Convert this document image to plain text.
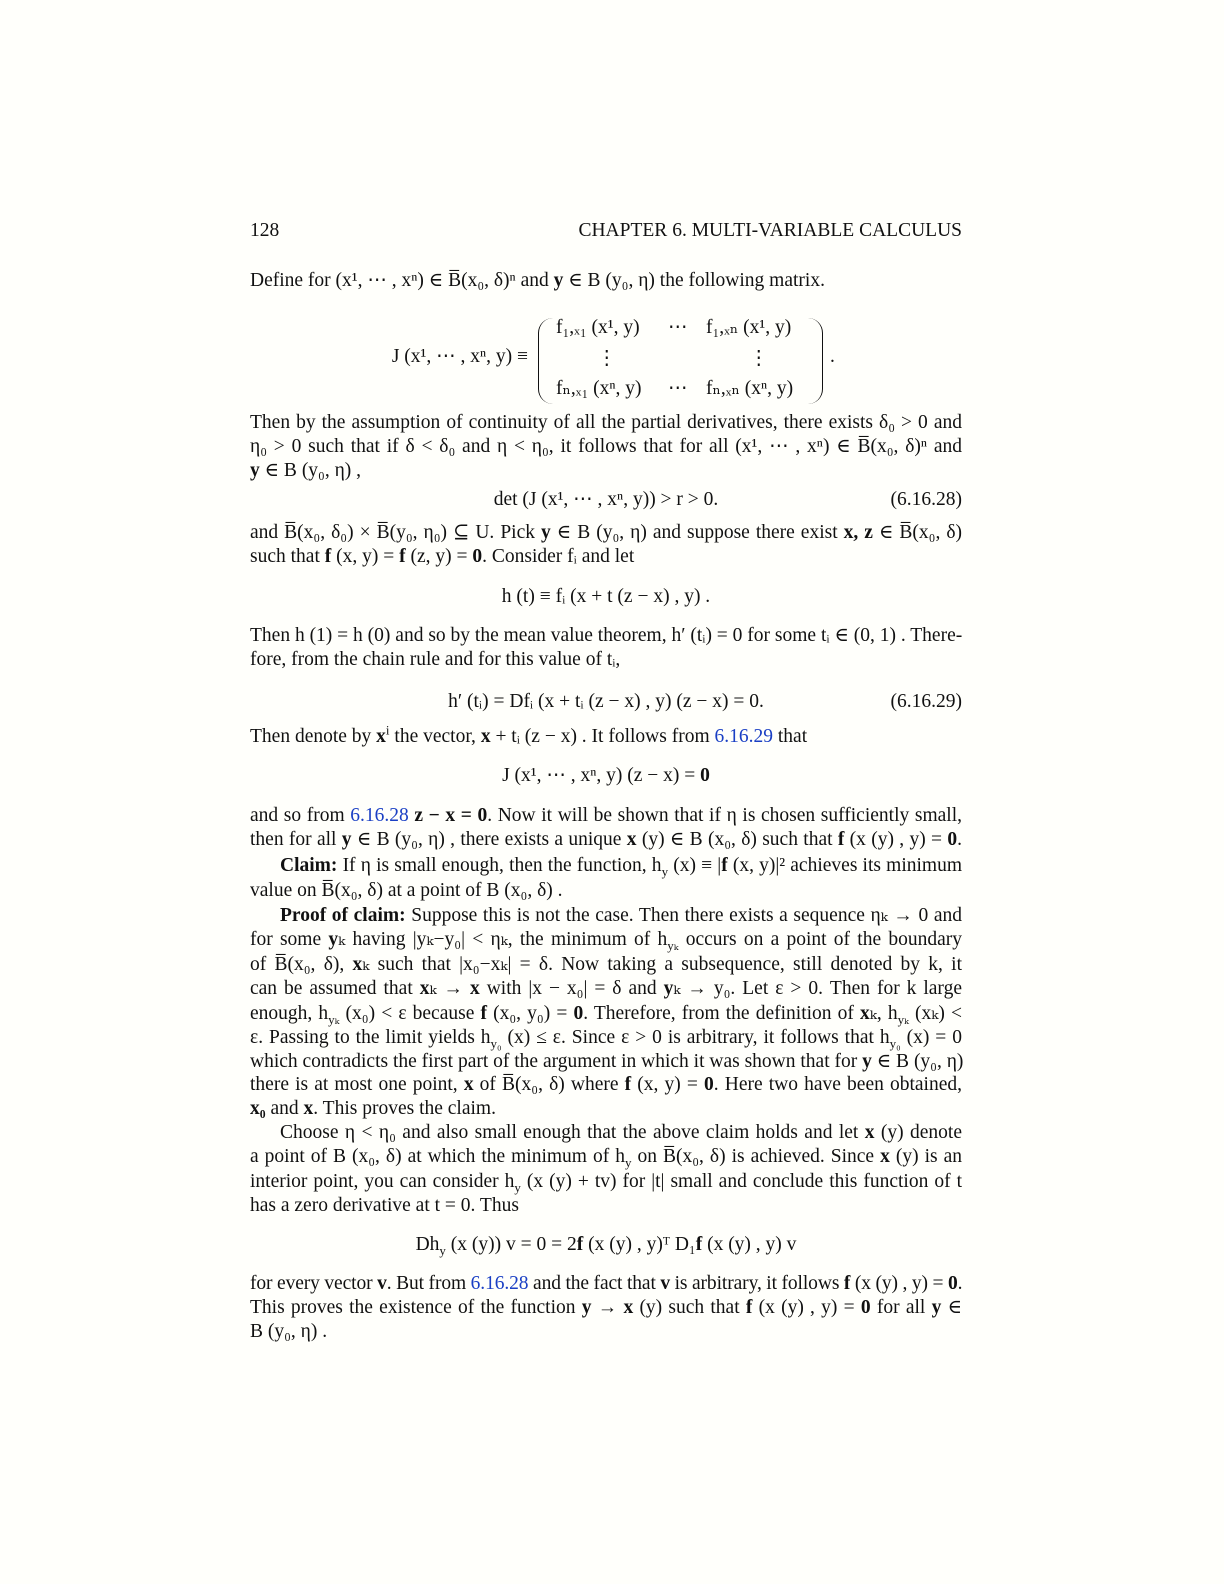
128	CHAPTER 6. MULTI-VARIABLE CALCULUS
J (x¹, ⋯ , xⁿ, y) ≡
f₁,ₓ₁ (x¹, y) ⋯ f₁,ₓₙ (x¹, y)
⋮	⋮
fₙ,ₓ₁ (xⁿ, y) ⋯ fₙ,ₓₙ (xⁿ, y)
.
(6.16.28)
(6.16.29)
Define for (x¹, ⋯ , xⁿ) ∈ B̅(x₀, δ)ⁿ and y ∈ B (y₀, η) the following matrix.
Then by the assumption of continuity of all the partial derivatives, there exists δ₀ > 0 and
η₀ > 0 such that if δ < δ₀ and η < η₀, it follows that for all (x¹, ⋯ , xⁿ) ∈ B̅(x₀, δ)ⁿ and
y ∈ B (y₀, η) ,
det (J (x¹, ⋯ , xⁿ, y)) > r > 0.
and B̅(x₀, δ₀) × B̅(y₀, η₀) ⊆ U. Pick y ∈ B (y₀, η) and suppose there exist x, z ∈ B̅(x₀, δ)
such that f (x, y) = f (z, y) = 0. Consider fᵢ and let
h (t) ≡ fᵢ (x + t (z − x) , y) .
Then h (1) = h (0) and so by the mean value theorem, h′ (tᵢ) = 0 for some tᵢ ∈ (0, 1) . There-
fore, from the chain rule and for this value of tᵢ,
h′ (tᵢ) = Dfᵢ (x + tᵢ (z − x) , y) (z − x) = 0.
Then denote by $x^i$ the vector, x + tᵢ (z − x) . It follows from 6.16.29 that
J (x¹, ⋯ , xⁿ, y) (z − x) = 0
and so from 6.16.28 z − x = 0. Now it will be shown that if η is chosen sufficiently small,
then for all y ∈ B (y₀, η) , there exists a unique x (y) ∈ B (x₀, δ) such that f (x (y) , y) = 0.
Claim: If η is small enough, then the function, $h_y$ (x) ≡ |f (x, y)|² achieves its minimum
value on B̅(x₀, δ) at a point of B (x₀, δ) .
Proof of claim: Suppose this is not the case. Then there exists a sequence ηₖ → 0 and
for some yₖ having |yₖ−y₀| < ηₖ, the minimum of $h_{y_k}$ occurs on a point of the boundary
of B̅(x₀, δ), xₖ such that |x₀−xₖ| = δ. Now taking a subsequence, still denoted by k, it
can be assumed that xₖ → x with |x − x₀| = δ and yₖ → y₀. Let ε > 0. Then for k large
enough, $h_{y_k}$ (x₀) < ε because f (x₀, y₀) = 0. Therefore, from the definition of xₖ, $h_{y_k}$ (xₖ) <
ε. Passing to the limit yields $h_{y_0}$ (x) ≤ ε. Since ε > 0 is arbitrary, it follows that $h_{y_0}$ (x) = 0
which contradicts the first part of the argument in which it was shown that for y ∈ B (y₀, η)
there is at most one point, x of B̅(x₀, δ) where f (x, y) = 0. Here two have been obtained,
x₀ and x. This proves the claim.
Choose η < η₀ and also small enough that the above claim holds and let x (y) denote
a point of B (x₀, δ) at which the minimum of $h_y$ on B̅(x₀, δ) is achieved. Since x (y) is an
interior point, you can consider $h_y$ (x (y) + tv) for |t| small and conclude this function of t
has a zero derivative at t = 0. Thus
$Dh_y$ (x (y)) v = 0 = 2f (x (y) , y)ᵀ D₁f (x (y) , y) v
for every vector v. But from 6.16.28 and the fact that v is arbitrary, it follows f (x (y) , y) = 0.
This proves the existence of the function y → x (y) such that f (x (y) , y) = 0 for all y ∈
B (y₀, η) .
